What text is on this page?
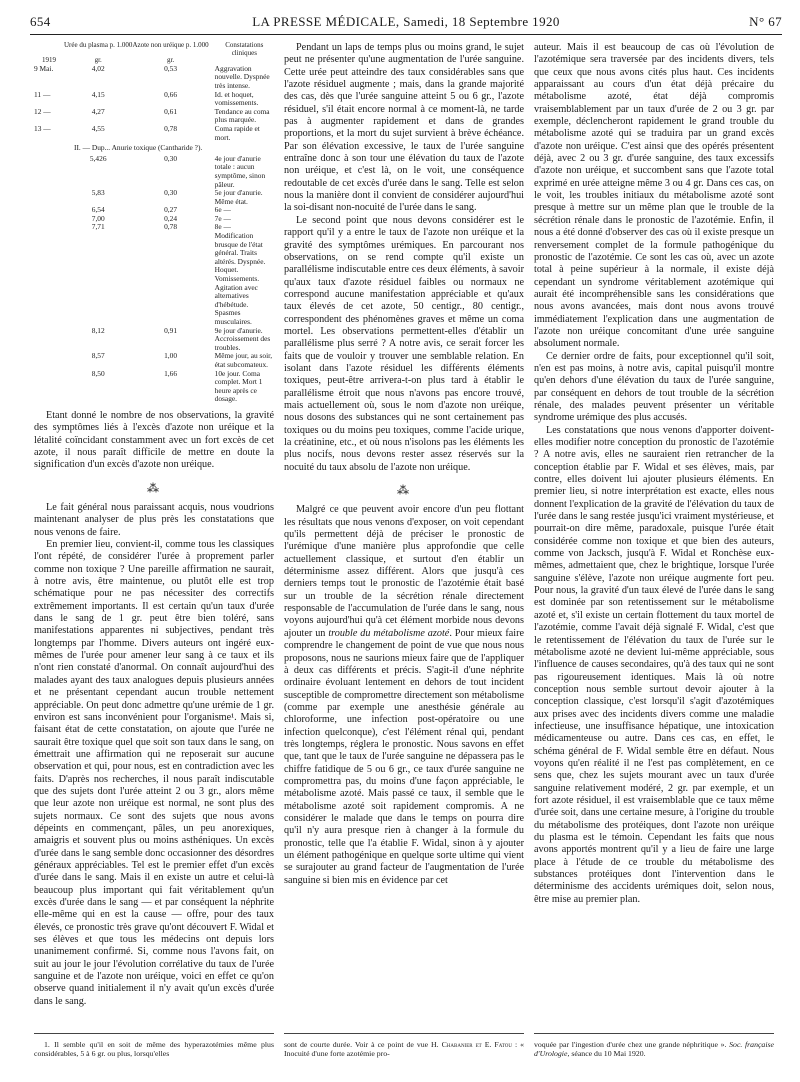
654	LA PRESSE MÉDICALE, Samedi, 18 Septembre 1920	N° 67
	Urée du plasma p. 1.000	Azote non uréique p. 1.000	Constatations cliniques
1919	gr.	gr.	
9 Mai.	4,02	0,53	Aggravation nouvelle. Dyspnée très intense.
11 —	4,15	0,66	Id. et hoquet, vomissements.
12 —	4,27	0,61	Tendance au coma plus marquée.
13 —	4,55	0,78	Coma rapide et mort.
II. — Dup... Anurie toxique (Cantharide ?).			
	5,426	0,30	4e jour d'anurie totale : aucun symptôme, sinon pâleur.
	5,83	0,30	5e jour d'anurie. Même état.
	6,54	0,27	6e —
	7,00	0,24	7e —
	7,71	0,78	8e —
			Modification brusque de l'état général. Traits altérés. Dyspnée. Hoquet. Vomissements. Agitation avec alternatives d'hébétude. Spasmes musculaires.
	8,12	0,91	9e jour d'anurie. Accroissement des troubles.
	8,57	1,00	Même jour, au soir, état subcomateux.
	8,50	1,66	10e jour. Coma complet. Mort 1 heure après ce dosage.

Etant donné le nombre de nos observations, la gravité des symptômes liés à l'excès d'azote non uréique et la létalité coïncidant constamment avec un fort excès de cet azote, il nous paraît difficile de mettre en doute la signification d'un excès d'azote non uréique.

⁂

Le fait général nous paraissant acquis, nous voudrions maintenant analyser de plus près les constatations que nous venons de faire.

En premier lieu, convient-il, comme tous les classiques l'ont répété, de considérer l'urée à proprement parler comme non toxique ? Une pareille affirmation ne saurait, à notre avis, être maintenue, ou plutôt elle est trop schématique pour ne pas nécessiter des correctifs extrêmement importants. Il est certain qu'un taux d'urée dans le sang de 1 gr. peut être bien toléré, sans manifestations apparentes ni subjectives, pendant très longtemps par l'homme. Divers auteurs ont ingéré eux-mêmes de l'urée pour amener leur sang à ce taux et ils n'ont rien constaté d'anormal. On connaît aujourd'hui des malades ayant des taux analogues depuis plusieurs années et ne présentant cependant aucun trouble nettement appréciable. On peut donc admettre qu'une urémie de 1 gr. environ est sans inconvénient pour l'organisme¹. Mais si, faisant état de cette constatation, on ajoute que l'urée ne saurait être toxique quel que soit son taux dans le sang, on émettrait une affirmation qui ne reposerait sur aucune observation et qui, pour nous, est en contradiction avec les faits. D'après nos recherches, il nous paraît indiscutable que des sujets dont l'urée atteint 2 ou 3 gr., alors même que leur azote non uréique est normal, ne sont plus des sujets normaux. Ce sont des sujets que nous avons dépeints en commençant, pâles, un peu anorexiques, amaigris et souvent plus ou moins asthéniques. Un excès d'urée dans le sang semble donc occasionner des désordres généraux appréciables. Tel est le premier effet d'un excès d'urée dans le sang. Mais il en existe un autre et celui-là beaucoup plus important qui fait véritablement qu'un excès d'urée dans le sang — et par conséquent la néphrite elle-même qui en est la cause — offre, pour des taux élevés, ce pronostic très grave qu'ont découvert F. Widal et ses élèves et que tous les médecins ont depuis lors unanimement confirmé. Si, comme nous l'avons fait, on suit au jour le jour l'évolution corrélative du taux de l'urée sanguine et de l'azote non uréique, voici en effet ce qu'on observe quand initialement il n'y avait qu'un excès d'urée dans le sang.

Pendant un laps de temps plus ou moins grand, le sujet peut ne présenter qu'une augmentation de l'urée sanguine. Cette urée peut atteindre des taux considérables sans que l'azote résiduel augmente ; mais, dans la grande majorité des cas, dès que l'urée sanguine atteint 5 ou 6 gr., l'azote résiduel, s'il était encore normal à ce moment-là, ne tarde pas à augmenter rapidement et dans de grandes proportions, et la mort du sujet survient à brève échéance. Par son élévation excessive, le taux de l'urée sanguine entraîne donc à son tour une élévation du taux de l'azote non uréique, et c'est là, on le voit, une conséquence redoutable de cet excès d'urée dans le sang. Telle est selon nous la manière dont il convient de considérer aujourd'hui la soi-disant non-nocuité de l'urée dans le sang.

Le second point que nous devons considérer est le rapport qu'il y a entre le taux de l'azote non uréique et la gravité des symptômes urémiques. En parcourant nos observations, on se rend compte qu'il existe un parallélisme indiscutable entre ces deux éléments, à savoir qu'aux taux d'azote résiduel faibles ou normaux ne correspond aucune manifestation appréciable et qu'aux taux élevés de cet azote, 50 centigr., 80 centigr., correspondent des phénomènes graves et même un coma mortel. Les observations permettent-elles d'établir un parallélisme plus serré ? A notre avis, ce serait forcer les faits que de vouloir y trouver une semblable relation. En isolant dans l'azote résiduel les différents éléments toxiques, peut-être arrivera-t-on plus tard à établir le parallélisme étroit que nous n'avons pas encore trouvé, mais actuellement où, sous le nom d'azote non uréique, nous dosons des substances qui ne sont certainement pas toxiques ou du moins peu toxiques, comme l'acide urique, la créatinine, etc., et où nous n'isolons pas les éléments les plus nocifs, nous devons rester assez réservés sur la nocuité du taux absolu de l'azote non uréique.

⁂

Malgré ce que peuvent avoir encore d'un peu flottant les résultats que nous venons d'exposer, on voit cependant qu'ils permettent déjà de préciser le pronostic de l'urémique d'une manière plus approfondie que celle actuellement classique, et surtout d'en établir un déterminisme assez différent. Alors que jusqu'à ces derniers temps tout le pronostic de l'azotémie était basé sur un trouble de la sécrétion rénale directement responsable de l'accumulation de l'urée dans le sang, nous voyons aujourd'hui qu'à cet élément morbide nous devons ajouter un trouble du métabolisme azoté. Pour mieux faire comprendre le changement de point de vue que nous nous proposons, nous ne saurions mieux faire que de l'appliquer à deux cas différents et précis. S'agit-il d'une néphrite ordinaire évoluant lentement en dehors de tout incident susceptible de compromettre directement son métabolisme (comme par exemple une anesthésie générale au chloroforme, une infection post-opératoire ou une infection quelconque), c'est l'élément rénal qui, pendant très longtemps, réglera le pronostic. Nous savons en effet que, tant que le taux de l'urée sanguine ne dépassera pas le chiffre fatidique de 5 ou 6 gr., ce taux d'urée sanguine ne compromettra pas, du moins d'une façon appréciable, le métabolisme azoté. Mais passé ce taux, il semble que le métabolisme azoté soit rapidement compromis. A ne considérer le malade que dans le temps on pourra dire qu'il n'y aura presque rien à changer à la formule du pronostic, telle que l'a établie F. Widal, sinon à y ajouter un élément pathogénique en quelque sorte ultime qui vient se surajouter au grand facteur de l'augmentation de l'urée sanguine si bien mis en évidence par cet

auteur. Mais il est beaucoup de cas où l'évolution de l'azotémique sera traversée par des incidents divers, tels que ceux que nous avons cités plus haut. Ces incidents apparaissant au cours d'un état déjà précaire du métabolisme azoté, état déjà compromis vraisemblablement par un taux d'urée de 2 ou 3 gr. par exemple, déclencheront rapidement le grand trouble du métabolisme azoté qui se traduira par un grand excès d'azote non uréique. C'est ainsi que des opérés présentent déjà, avec 2 ou 3 gr. d'urée sanguine, des taux excessifs d'azote non uréique, et succombent sans que l'azote total exprimé en urée atteigne même 3 ou 4 gr. Dans ces cas, on le voit, les troubles initiaux du métabolisme azoté sont presque à mettre sur un même plan que le trouble de la sécrétion rénale dans le pronostic de l'azotémie. Enfin, il nous a été donné d'observer des cas où il existe presque un renversement complet de la formule pathogénique du pronostic de l'azotémie. Ce sont les cas où, avec un azote total à peine supérieur à la normale, il existe déjà cependant un syndrome véritablement azotémique qui aurait été incompréhensible sans les considérations que nous avons avancées, mais dont nous avons trouvé immédiatement l'explication dans une augmentation de l'azote non uréique concomitant d'une urée sanguine absolument normale.

Ce dernier ordre de faits, pour exceptionnel qu'il soit, n'en est pas moins, à notre avis, capital puisqu'il montre qu'en dehors d'une élévation du taux de l'urée sanguine, par conséquent en dehors de tout trouble de la sécrétion rénale, des malades peuvent présenter un véritable syndrome urémique des plus accusés.

Les constatations que nous venons d'apporter doivent-elles modifier notre conception du pronostic de l'azotémie ? A notre avis, elles ne sauraient rien retrancher de la conception établie par F. Widal et ses élèves, mais, par contre, elles doivent lui ajouter plusieurs éléments. En premier lieu, si notre interprétation est exacte, elles nous donnent l'explication de la gravité de l'élévation du taux de l'urée dans le sang restée jusqu'ici vraiment mystérieuse, et pourrait-on dire même, paradoxale, puisque l'urée était considérée comme non toxique et que bien des auteurs, comme von Jacksch, jusqu'à F. Widal et Ronchèse eux-mêmes, admettaient que, chez le brightique, lorsque l'urée sanguine s'élève, l'azote non uréique augmente fort peu. Pour nous, la gravité d'un taux élevé de l'urée dans le sang est dominée par son retentissement sur le métabolisme azoté et, s'il existe un certain flottement du taux mortel de l'azotémie, comme l'avait déjà signalé F. Widal, c'est que le retentissement de l'élévation du taux de l'urée sur le métabolisme azoté ne devient lui-même appréciable, sous l'influence de causes secondaires, qu'à des taux qui ne sont pas rigoureusement identiques. Mais là où notre conception nous semble surtout devoir ajouter à la conception classique, c'est lorsqu'il s'agit d'azotémiques aux prises avec des incidents divers comme une maladie infectieuse, une insuffisance hépatique, une intoxication médicamenteuse ou autre. Dans ces cas, en effet, le schéma général de F. Widal semble être en défaut. Nous voyons qu'en réalité il ne l'est pas complètement, en ce sens que, chez les sujets mourant avec un taux d'urée sanguine relativement modéré, 2 gr. par exemple, et un fort azote résiduel, il est vraisemblable que ce taux même d'urée soit, dans une certaine mesure, à l'origine du trouble du métabolisme des protéiques, dont l'azote non uréique du plasma est le témoin. Cependant les faits que nous avons apportés montrent qu'il y a lieu de faire une large place à l'étude de ce trouble du métabolisme des substances protéiques dont l'intervention dans le déterminisme des accidents urémiques doit, selon nous, être mise au premier plan.

1. Il semble qu'il en soit de même des hyperazotémies même plus considérables, 5 à 6 gr. ou plus, lorsqu'elles

sont de courte durée. Voir à ce point de vue H. Chabanier et E. Fatou : « Inocuité d'une forte azotémie pro-

voquée par l'ingestion d'urée chez une grande néphritique ». Soc. française d'Urologie, séance du 10 Mai 1920.
